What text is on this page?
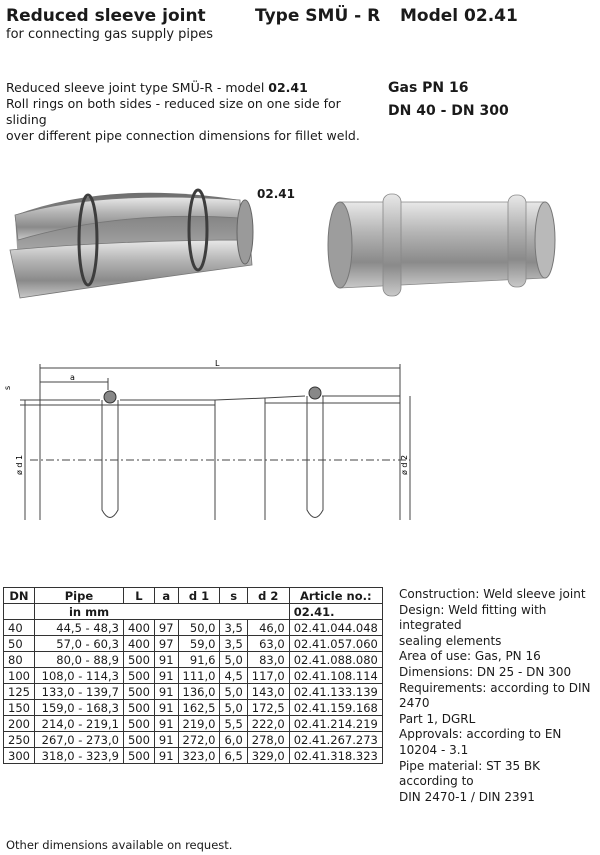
Reduced sleeve joint	Type SMÜ - R Model 02.41
for connecting gas supply pipes
Reduced sleeve joint type SMÜ-R - model 02.41
Roll rings on both sides - reduced size on one side for sliding
over different pipe connection dimensions for fillet weld.
Gas PN 16
DN 40 - DN 300
02.41
L
a
s
ø d 1	ø d 2
DN	Pipe	L	a	d 1	s	d 2	Article no.:
	in mm						02.41.
40	44,5 - 48,3	400	97	50,0	3,5	46,0	02.41.044.048
50	57,0 - 60,3	400	97	59,0	3,5	63,0	02.41.057.060
80	80,0 - 88,9	500	91	91,6	5,0	83,0	02.41.088.080
100	108,0 - 114,3	500	91	111,0	4,5	117,0	02.41.108.114
125	133,0 - 139,7	500	91	136,0	5,0	143,0	02.41.133.139
150	159,0 - 168,3	500	91	162,5	5,0	172,5	02.41.159.168
200	214,0 - 219,1	500	91	219,0	5,5	222,0	02.41.214.219
250	267,0 - 273,0	500	91	272,0	6,0	278,0	02.41.267.273
300	318,0 - 323,9	500	91	323,0	6,5	329,0	02.41.318.323
Construction: Weld sleeve joint
Design: Weld fitting with integrated
sealing elements
Area of use: Gas, PN 16
Dimensions: DN 25 - DN 300
Requirements: according to DIN 2470
Part 1, DGRL
Approvals: according to EN 10204 - 3.1
Pipe material: ST 35 BK according to
DIN 2470-1 / DIN 2391
Other dimensions available on request.
